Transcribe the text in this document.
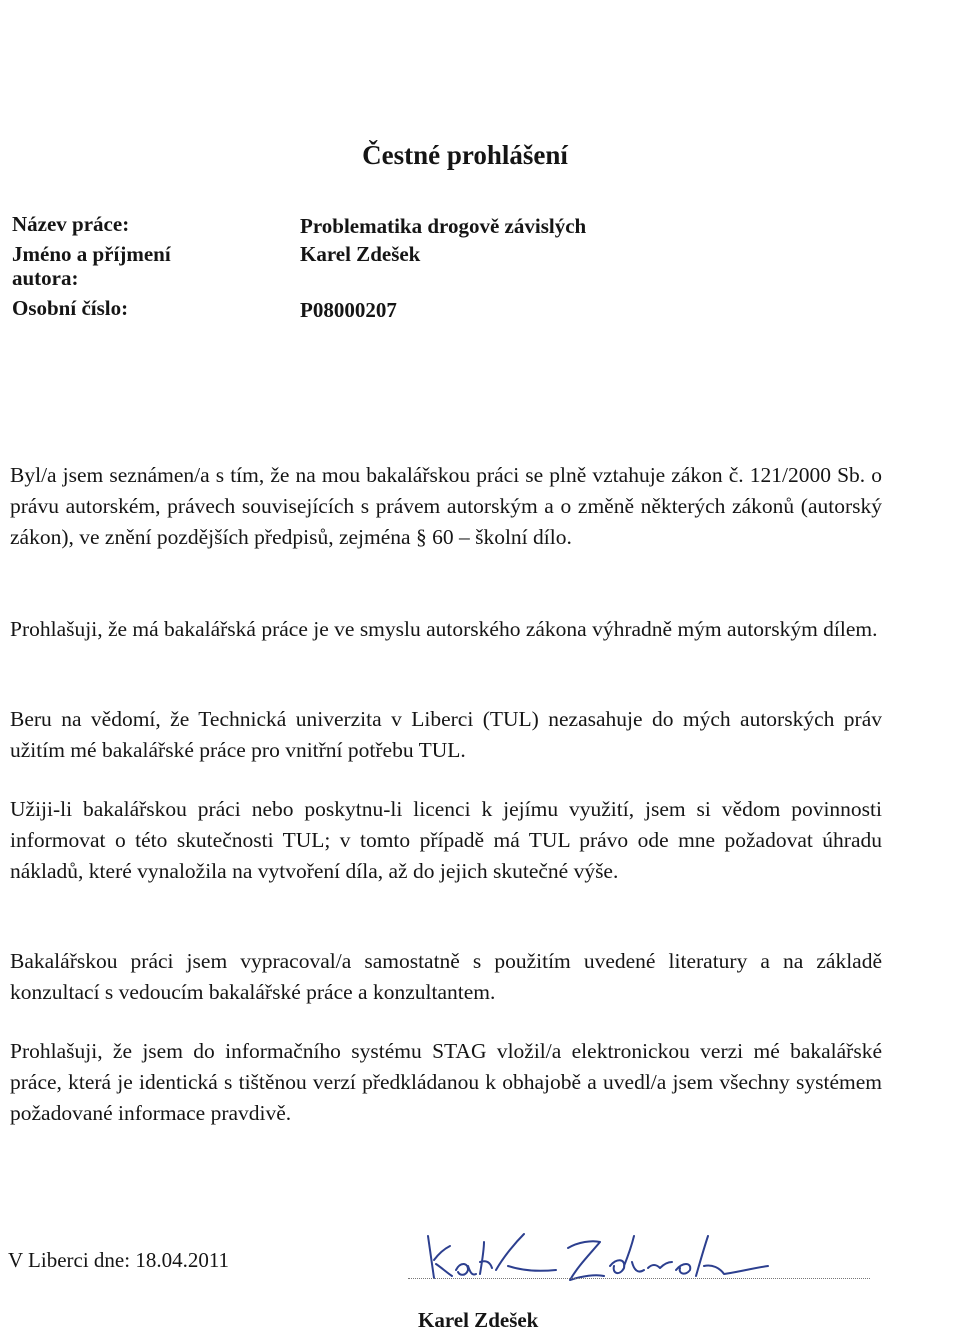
Čestné prohlášení
Název práce:	Problematika drogově závislých
Jméno a příjmení autora:
Karel Zdešek
Osobní číslo:	P08000207
Byl/a jsem seznámen/a s tím, že na mou bakalářskou práci se plně vztahuje zákon č. 121/2000 Sb. o právu autorském, právech souvisejících s právem autorským a o změně některých zákonů (autorský zákon), ve znění pozdějších předpisů, zejména § 60 – školní dílo.
Prohlašuji, že má bakalářská práce je ve smyslu autorského zákona výhradně mým autorským dílem.
Beru na vědomí, že Technická univerzita v Liberci (TUL) nezasahuje do mých autorských práv užitím mé bakalářské práce pro vnitřní potřebu TUL.
Užiji-li bakalářskou práci nebo poskytnu-li licenci k jejímu využití, jsem si vědom povinnosti informovat o této skutečnosti TUL; v tomto případě má TUL právo ode mne požadovat úhradu nákladů, které vynaložila na vytvoření díla, až do jejich skutečné výše.
Bakalářskou práci jsem vypracoval/a samostatně s použitím uvedené literatury a na základě konzultací s vedoucím bakalářské práce a konzultantem.
Prohlašuji, že jsem do informačního systému STAG vložil/a elektronickou verzi mé bakalářské práce, která je identická s tištěnou verzí předkládanou k obhajobě a uvedl/a jsem všechny systémem požadované informace pravdivě.
V Liberci dne: 18.04.2011
Karel Zdešek
